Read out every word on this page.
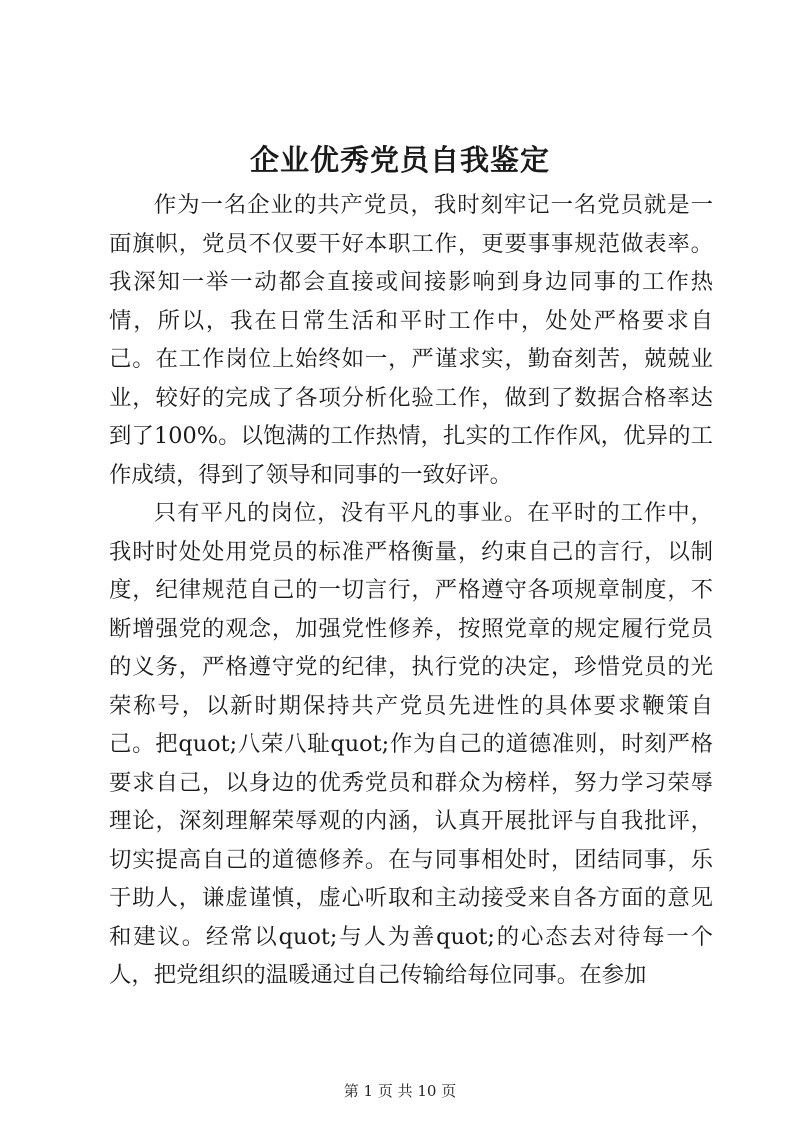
企业优秀党员自我鉴定

作为一名企业的共产党员，我时刻牢记一名党员就是一面旗帜，党员不仅要干好本职工作，更要事事规范做表率。我深知一举一动都会直接或间接影响到身边同事的工作热情，所以，我在日常生活和平时工作中，处处严格要求自己。在工作岗位上始终如一，严谨求实，勤奋刻苦，兢兢业业，较好的完成了各项分析化验工作，做到了数据合格率达到了100%。以饱满的工作热情，扎实的工作作风，优异的工作成绩，得到了领导和同事的一致好评。

只有平凡的岗位，没有平凡的事业。在平时的工作中，我时时处处用党员的标准严格衡量，约束自己的言行，以制度，纪律规范自己的一切言行，严格遵守各项规章制度，不断增强党的观念，加强党性修养，按照党章的规定履行党员的义务，严格遵守党的纪律，执行党的决定，珍惜党员的光荣称号，以新时期保持共产党员先进性的具体要求鞭策自己。把quot;八荣八耻quot;作为自己的道德准则，时刻严格要求自己，以身边的优秀党员和群众为榜样，努力学习荣辱理论，深刻理解荣辱观的内涵，认真开展批评与自我批评，切实提高自己的道德修养。在与同事相处时，团结同事，乐于助人，谦虚谨慎，虚心听取和主动接受来自各方面的意见和建议。经常以quot;与人为善quot;的心态去对待每一个人，把党组织的温暖通过自己传输给每位同事。在参加

第 1 页 共 10 页
